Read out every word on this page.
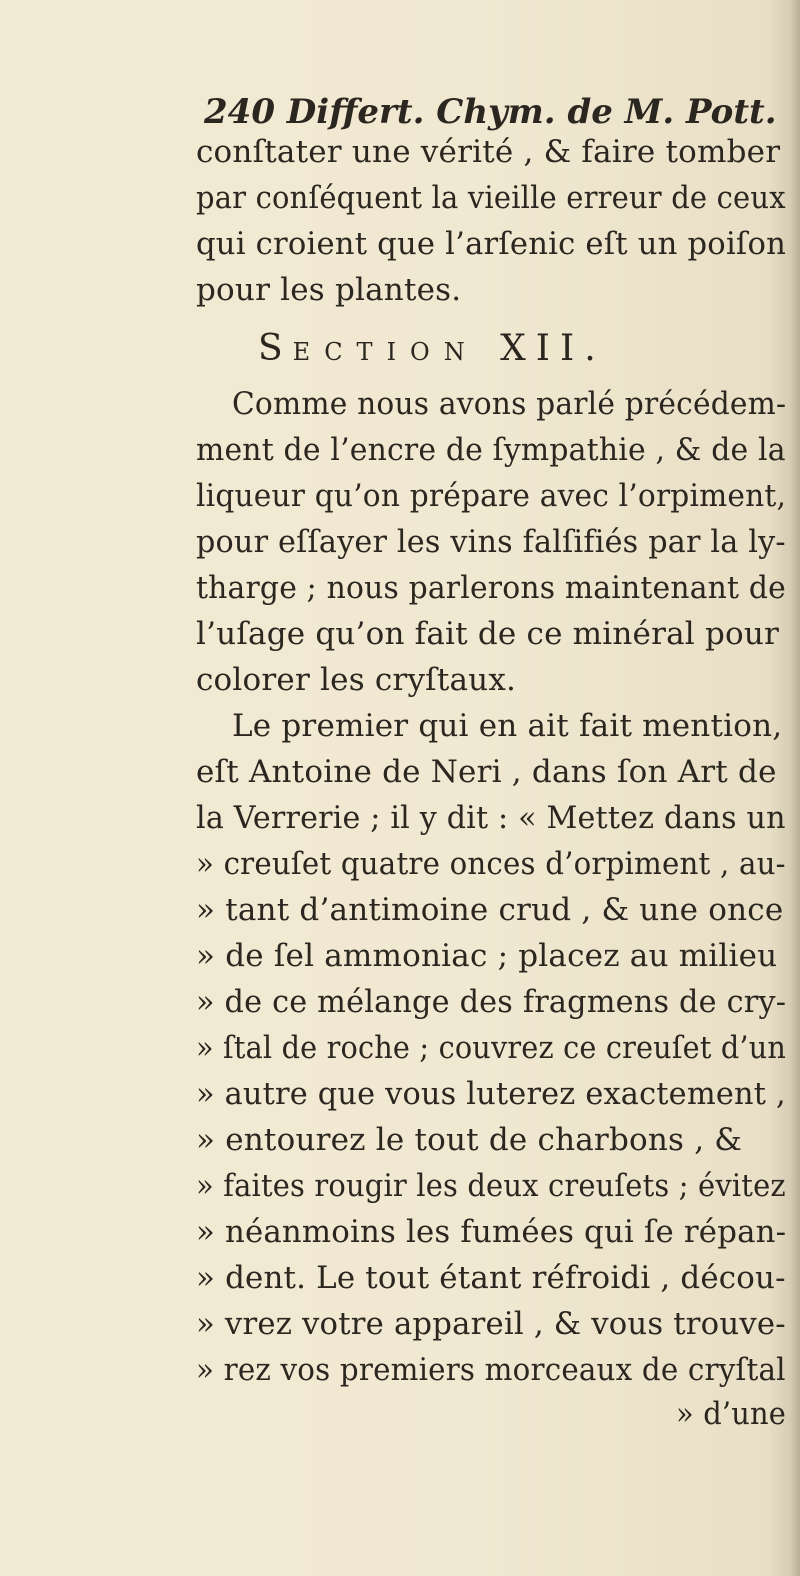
240 Differt. Chym. de M. Pott.
conſtater une vérité , & faire tomber
par conſéquent la vieille erreur de ceux
qui croient que l’arſenic eſt un poiſon
pour les plantes.
SECTION XII.
Comme nous avons parlé précédem-
ment de l’encre de ſympathie , & de la
liqueur qu’on prépare avec l’orpiment,
pour eſſayer les vins falſifiés par la ly-
tharge ; nous parlerons maintenant de
l’uſage qu’on fait de ce minéral pour
colorer les cryſtaux.
Le premier qui en ait fait mention,
eſt Antoine de Neri , dans ſon Art de
la Verrerie ; il y dit : « Mettez dans un
» creuſet quatre onces d’orpiment , au-
» tant d’antimoine crud , & une once
» de ſel ammoniac ; placez au milieu
» de ce mélange des fragmens de cry-
» ſtal de roche ; couvrez ce creuſet d’un
» autre que vous luterez exactement ,
» entourez le tout de charbons , &
» faites rougir les deux creuſets ; évitez
» néanmoins les fumées qui ſe répan-
» dent. Le tout étant réfroidi , décou-
» vrez votre appareil , & vous trouve-
» rez vos premiers morceaux de cryſtal
» d’une
